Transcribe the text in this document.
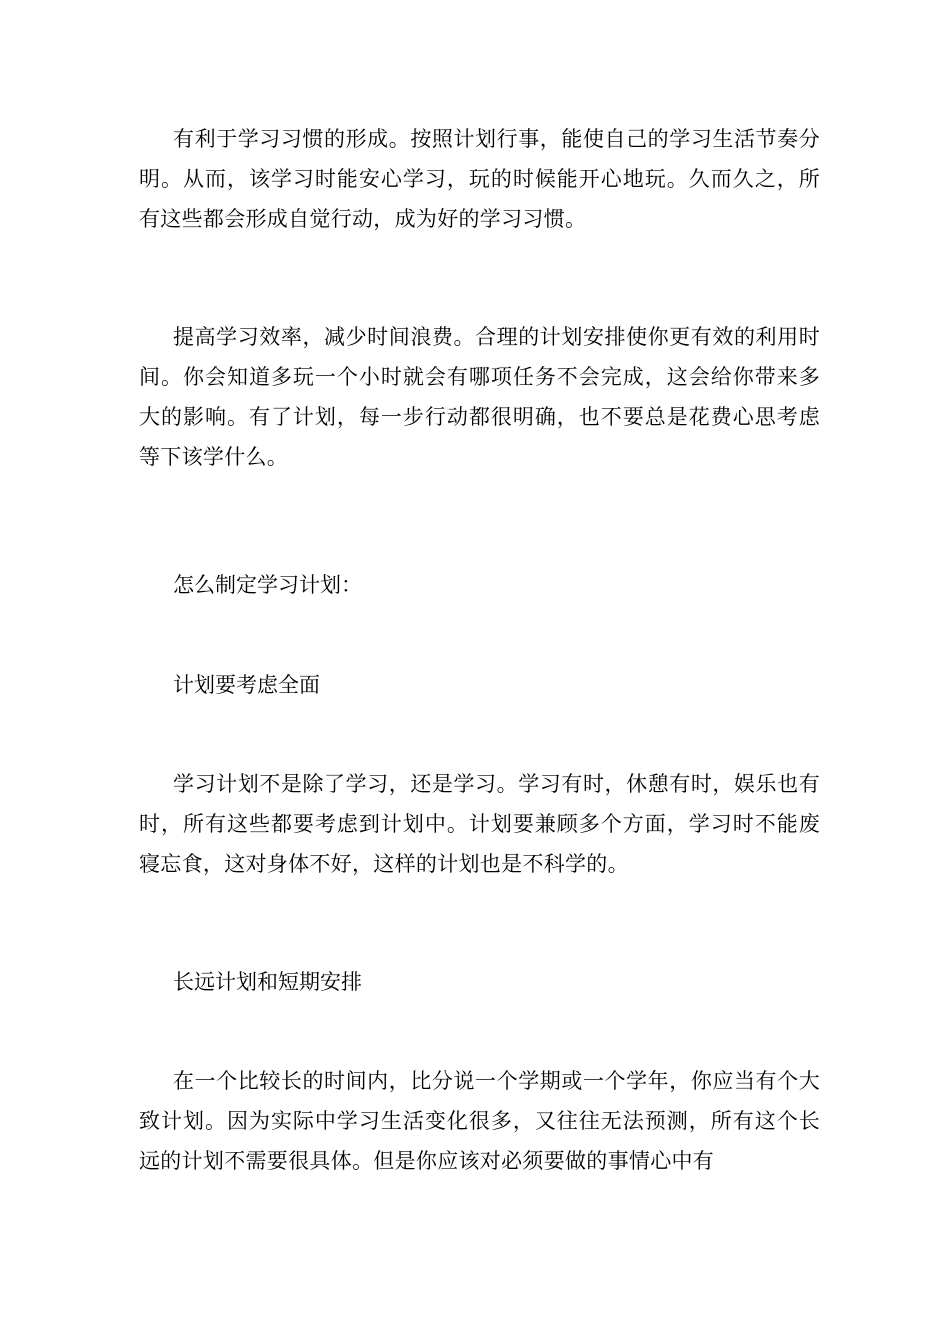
有利于学习习惯的形成。按照计划行事，能使自己的学习生活节奏分明。从而，该学习时能安心学习，玩的时候能开心地玩。久而久之，所有这些都会形成自觉行动，成为好的学习习惯。

提高学习效率，减少时间浪费。合理的计划安排使你更有效的利用时间。你会知道多玩一个小时就会有哪项任务不会完成，这会给你带来多大的影响。有了计划，每一步行动都很明确，也不要总是花费心思考虑等下该学什么。

怎么制定学习计划：

计划要考虑全面

学习计划不是除了学习，还是学习。学习有时，休憩有时，娱乐也有时，所有这些都要考虑到计划中。计划要兼顾多个方面，学习时不能废寝忘食，这对身体不好，这样的计划也是不科学的。

长远计划和短期安排

在一个比较长的时间内，比分说一个学期或一个学年，你应当有个大致计划。因为实际中学习生活变化很多，又往往无法预测，所有这个长远的计划不需要很具体。但是你应该对必须要做的事情心中有
